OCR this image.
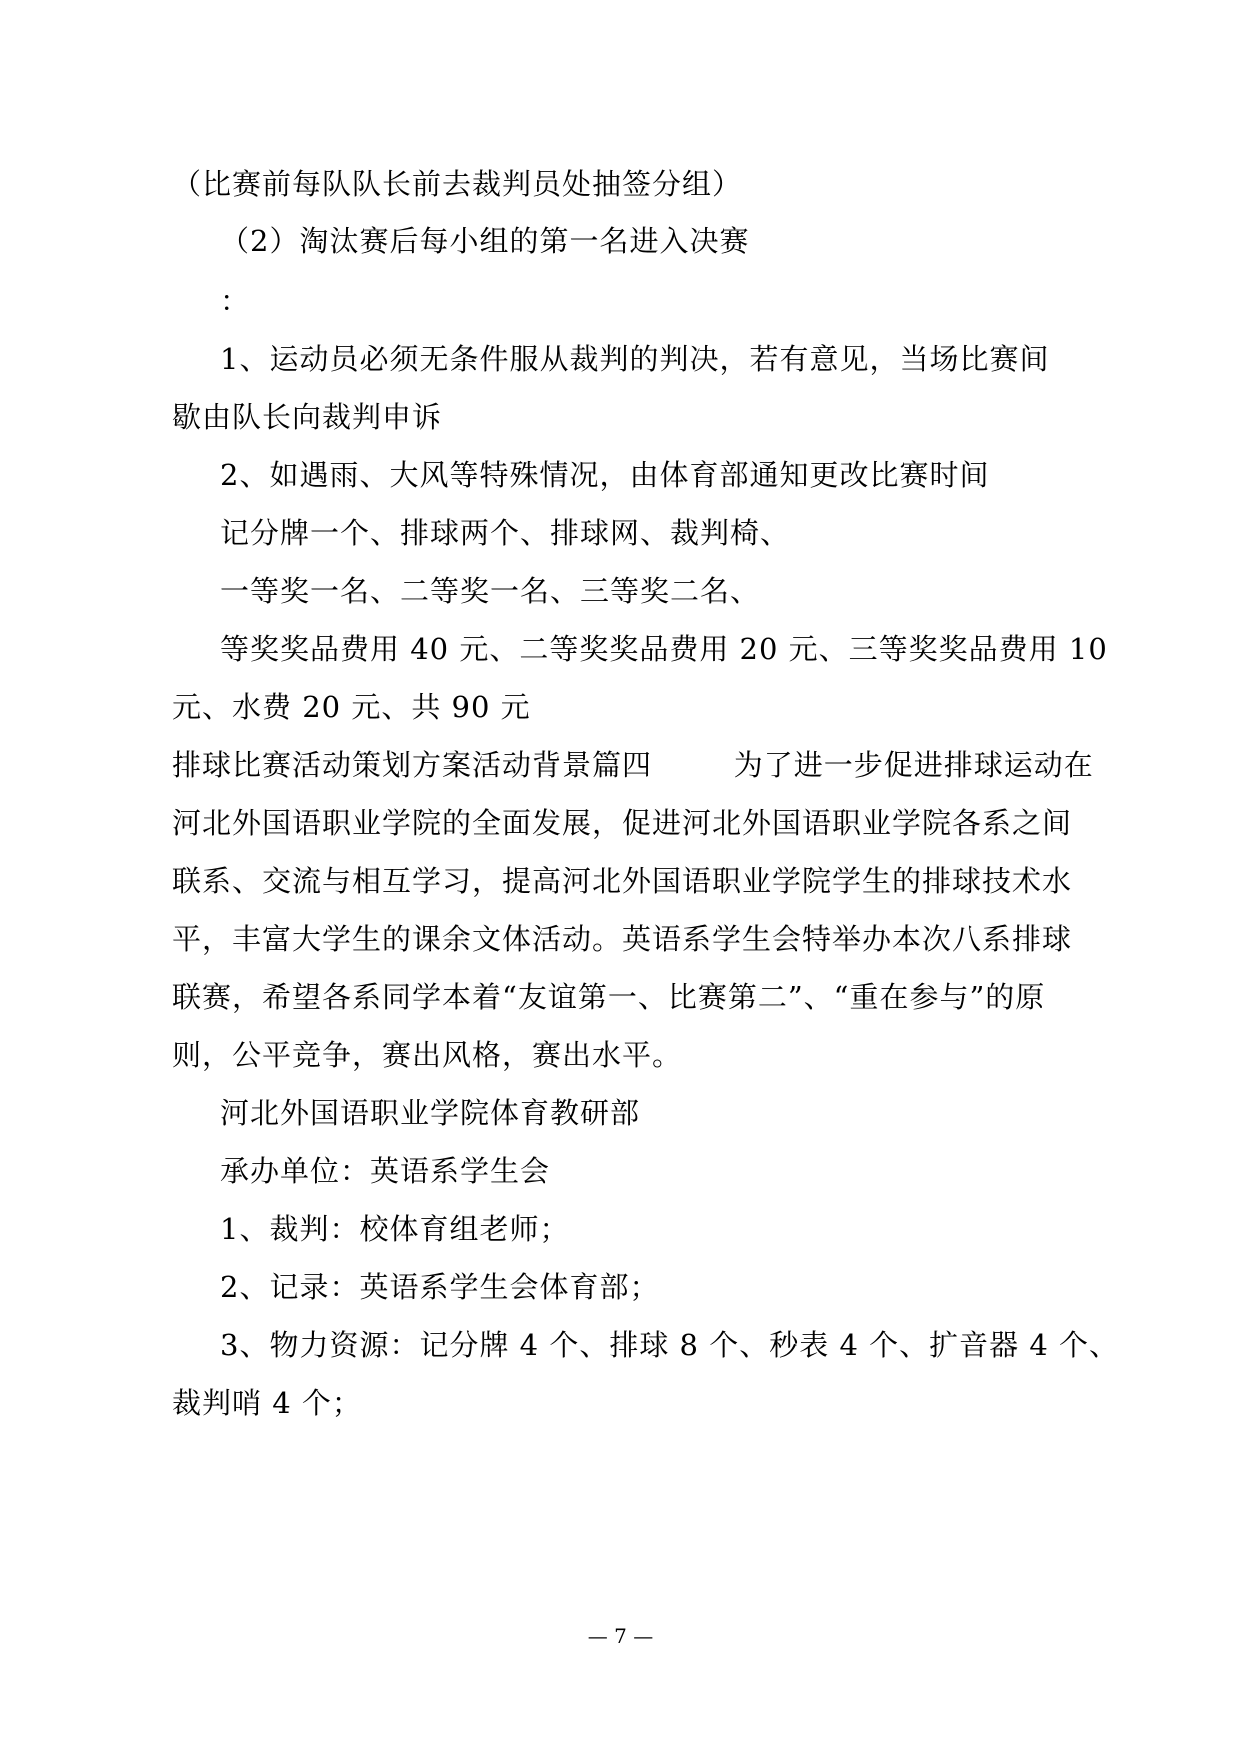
（比赛前每队队长前去裁判员处抽签分组）
（2）淘汰赛后每小组的第一名进入决赛
：
1、运动员必须无条件服从裁判的判决，若有意见，当场比赛间
歇由队长向裁判申诉
2、如遇雨、大风等特殊情况，由体育部通知更改比赛时间
记分牌一个、排球两个、排球网、裁判椅、
一等奖一名、二等奖一名、三等奖二名、
等奖奖品费用 40 元、二等奖奖品费用 20 元、三等奖奖品费用 10
元、水费 20 元、共 90 元
排球比赛活动策划方案活动背景篇四        为了进一步促进排球运动在
河北外国语职业学院的全面发展，促进河北外国语职业学院各系之间
联系、交流与相互学习，提高河北外国语职业学院学生的排球技术水
平，丰富大学生的课余文体活动。英语系学生会特举办本次八系排球
联赛，希望各系同学本着“友谊第一、比赛第二”、“重在参与”的原
则，公平竞争，赛出风格，赛出水平。
河北外国语职业学院体育教研部
承办单位：英语系学生会
1、裁判：校体育组老师；
2、记录：英语系学生会体育部；
3、物力资源：记分牌 4 个、排球 8 个、秒表 4 个、扩音器 4 个、
裁判哨 4 个；
— 7 —
